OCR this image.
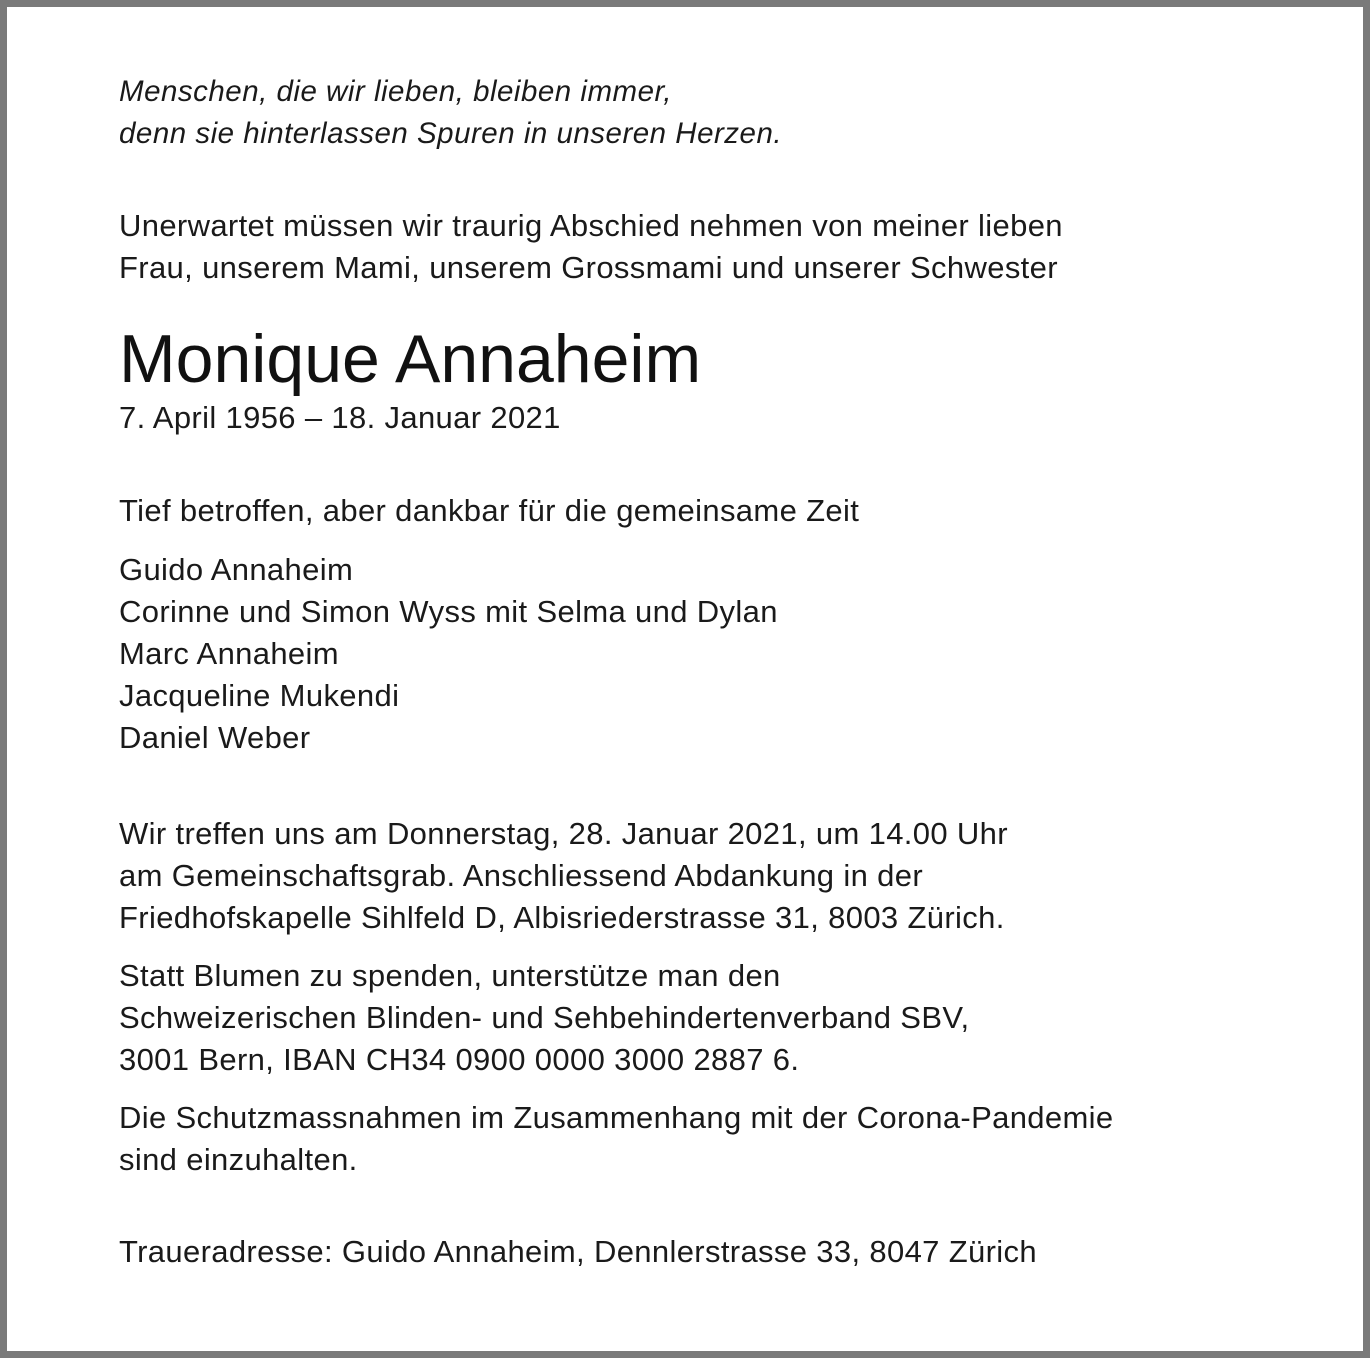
Menschen, die wir lieben, bleiben immer,
denn sie hinterlassen Spuren in unseren Herzen.
Unerwartet müssen wir traurig Abschied nehmen von meiner lieben
Frau, unserem Mami, unserem Grossmami und unserer Schwester
Monique Annaheim
7. April 1956 – 18. Januar 2021
Tief betroffen, aber dankbar für die gemeinsame Zeit
Guido Annaheim
Corinne und Simon Wyss mit Selma und Dylan
Marc Annaheim
Jacqueline Mukendi
Daniel Weber
Wir treffen uns am Donnerstag, 28. Januar 2021, um 14.00 Uhr
am Gemeinschaftsgrab. Anschliessend Abdankung in der
Friedhofskapelle Sihlfeld D, Albisriederstrasse 31, 8003 Zürich.
Statt Blumen zu spenden, unterstütze man den
Schweizerischen Blinden- und Sehbehindertenverband SBV,
3001 Bern, IBAN CH34 0900 0000 3000 2887 6.
Die Schutzmassnahmen im Zusammenhang mit der Corona-Pandemie
sind einzuhalten.
Traueradresse: Guido Annaheim, Dennlerstrasse 33, 8047 Zürich
